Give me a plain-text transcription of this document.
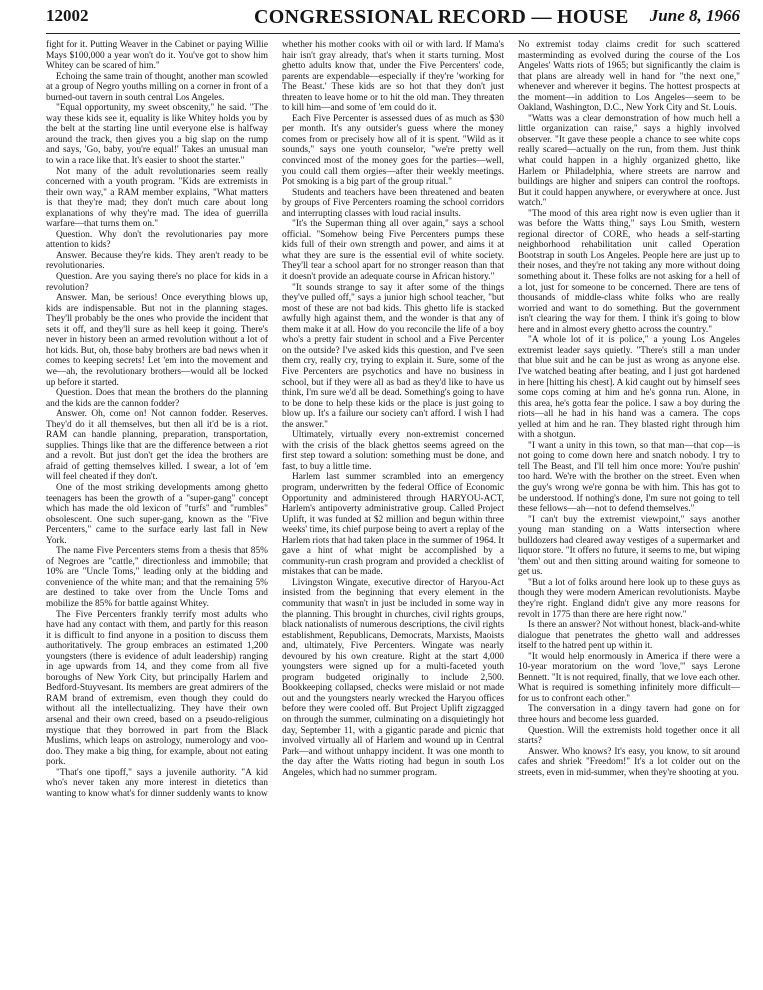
12002	CONGRESSIONAL RECORD — HOUSE June 8, 1966

fight for it. Putting Weaver in the Cabinet or paying Willie Mays $100,000 a year won't do it. You've got to show him Whitey can be scared of him."

Echoing the same train of thought, another man scowled at a group of Negro youths milling on a corner in front of a burned-out tavern in south central Los Angeles.

"Equal opportunity, my sweet obscenity," he said. "The way these kids see it, equality is like Whitey holds you by the belt at the starting line until everyone else is halfway around the track, then gives you a big slap on the rump and says, 'Go, baby, you're equal!' Takes an unusual man to win a race like that. It's easier to shoot the starter."

Not many of the adult revolutionaries seem really concerned with a youth program. "Kids are extremists in their own way," a RAM member explains, "What matters is that they're mad; they don't much care about long explanations of why they're mad. The idea of guerrilla warfare—that turns them on."

Question. Why don't the revolutionaries pay more attention to kids?

Answer. Because they're kids. They aren't ready to be revolutionaries.

Question. Are you saying there's no place for kids in a revolution?

Answer. Man, be serious! Once everything blows up, kids are indispensable. But not in the planning stages. They'll probably be the ones who provide the incident that sets it off, and they'll sure as hell keep it going. There's never in history been an armed revolution without a lot of hot kids. But, oh, those baby brothers are bad news when it comes to keeping secrets! Let 'em into the movement and we—ah, the revolutionary brothers—would all be locked up before it started.

Question. Does that mean the brothers do the planning and the kids are the cannon fodder?

Answer. Oh, come on! Not cannon fodder. Reserves. They'd do it all themselves, but then all it'd be is a riot. RAM can handle planning, preparation, transportation, supplies. Things like that are the difference between a riot and a revolt. But just don't get the idea the brothers are afraid of getting themselves killed. I swear, a lot of 'em will feel cheated if they don't.

One of the most striking developments among ghetto teenagers has been the growth of a "super-gang" concept which has made the old lexicon of "turfs" and "rumbles" obsolescent. One such super-gang, known as the "Five Percenters," came to the surface early last fall in New York.

The name Five Percenters stems from a thesis that 85% of Negroes are "cattle," directionless and immobile; that 10% are "Uncle Toms," leading only at the bidding and convenience of the white man; and that the remaining 5% are destined to take over from the Uncle Toms and mobilize the 85% for battle against Whitey.

The Five Percenters frankly terrify most adults who have had any contact with them, and partly for this reason it is difficult to find anyone in a position to discuss them authoritatively. The group embraces an estimated 1,200 youngsters (there is evidence of adult leadership) ranging in age upwards from 14, and they come from all five boroughs of New York City, but principally Harlem and Bedford-Stuyvesant. Its members are great admirers of the RAM brand of extremism, even though they could do without all the intellectualizing. They have their own arsenal and their own creed, based on a pseudo-religious mystique that they borrowed in part from the Black Muslims, which leaps on astrology, numerology and voo-doo. They make a big thing, for example, about not eating pork.

"That's one tipoff," says a juvenile authority. "A kid who's never taken any more interest in dietetics than wanting to know what's for dinner suddenly wants to know

whether his mother cooks with oil or with lard. If Mama's hair isn't gray already, that's when it starts turning. Most ghetto adults know that, under the Five Percenters' code, parents are expendable—especially if they're 'working for The Beast.' These kids are so hot that they don't just threaten to leave home or to hit the old man. They threaten to kill him—and some of 'em could do it.

Each Five Percenter is assessed dues of as much as $30 per month. It's any outsider's guess where the money comes from or precisely how all of it is spent. "Wild as it sounds," says one youth counselor, "we're pretty well convinced most of the money goes for the parties—well, you could call them orgies—after their weekly meetings. Pot smoking is a big part of the group ritual."

Students and teachers have been threatened and beaten by groups of Five Percenters roaming the school corridors and interrupting classes with loud racial insults.

"It's the Superman thing all over again," says a school official. "Somehow being Five Percenters pumps these kids full of their own strength and power, and aims it at what they are sure is the essential evil of white society. They'll tear a school apart for no stronger reason than that it doesn't provide an adequate course in African history."

"It sounds strange to say it after some of the things they've pulled off," says a junior high school teacher, "but most of these are not bad kids. This ghetto life is stacked awfully high against them, and the wonder is that any of them make it at all. How do you reconcile the life of a boy who's a pretty fair student in school and a Five Percenter on the outside? I've asked kids this question, and I've seen them cry, really cry, trying to explain it. Sure, some of the Five Percenters are psychotics and have no business in school, but if they were all as bad as they'd like to have us think, I'm sure we'd all be dead. Something's going to have to be done to help these kids or the place is just going to blow up. It's a failure our society can't afford. I wish I had the answer."

Ultimately, virtually every non-extremist concerned with the crisis of the black ghettos seems agreed on the first step toward a solution: something must be done, and fast, to buy a little time.

Harlem last summer scrambled into an emergency program, underwritten by the federal Office of Economic Opportunity and administered through HARYOU-ACT, Harlem's antipoverty administrative group. Called Project Uplift, it was funded at $2 million and begun within three weeks' time, its chief purpose being to avert a replay of the Harlem riots that had taken place in the summer of 1964. It gave a hint of what might be accomplished by a community-run crash program and provided a checklist of mistakes that can be made.

Livingston Wingate, executive director of Haryou-Act insisted from the beginning that every element in the community that wasn't in just be included in some way in the planning. This brought in churches, civil rights groups, black nationalists of numerous descriptions, the civil rights establishment, Republicans, Democrats, Marxists, Maoists and, ultimately, Five Percenters. Wingate was nearly devoured by his own creature. Right at the start 4,000 youngsters were signed up for a multi-faceted youth program budgeted originally to include 2,500. Bookkeeping collapsed, checks were mislaid or not made out and the youngsters nearly wrecked the Haryou offices before they were cooled off. But Project Uplift zigzagged on through the summer, culminating on a disquietingly hot day, September 11, with a gigantic parade and picnic that involved virtually all of Harlem and wound up in Central Park—and without unhappy incident. It was one month to the day after the Watts rioting had begun in south Los Angeles, which had no summer program.

No extremist today claims credit for such scattered masterminding as evolved during the course of the Los Angeles' Watts riots of 1965; but significantly the claim is that plans are already well in hand for "the next one," whenever and wherever it begins. The hottest prospects at the moment—in addition to Los Angeles—seem to be Oakland, Washington, D.C., New York City and St. Louis.

"Watts was a clear demonstration of how much hell a little organization can raise," says a highly involved observer. "It gave these people a chance to see white cops really scared—actually on the run, from them. Just think what could happen in a highly organized ghetto, like Harlem or Philadelphia, where streets are narrow and buildings are higher and snipers can control the rooftops. But it could happen anywhere, or everywhere at once. Just watch."

"The mood of this area right now is even uglier than it was before the Watts thing," says Lou Smith, western regional director of CORE, who heads a self-starting neighborhood rehabilitation unit called Operation Bootstrap in south Los Angeles. People here are just up to their noses, and they're not taking any more without doing something about it. These folks are not asking for a hell of a lot, just for someone to be concerned. There are tens of thousands of middle-class white folks who are really worried and want to do something. But the government isn't clearing the way for them. I think it's going to blow here and in almost every ghetto across the country."

"A whole lot of it is police," a young Los Angeles extremist leader says quietly. "There's still a man under that blue suit and he can be just as wrong as anyone else. I've watched beating after beating, and I just got hardened in here [hitting his chest]. A kid caught out by himself sees some cops coming at him and he's gonna run. Alone, in this area, he's gotta fear the police. I saw a boy during the riots—all he had in his hand was a camera. The cops yelled at him and he ran. They blasted right through him with a shotgun.

"I want a unity in this town, so that man—that cop—is not going to come down here and snatch nobody. I try to tell The Beast, and I'll tell him once more: You're pushin' too hard. We're with the brother on the street. Even when the guy's wrong we're gonna be with him. This has got to be understood. If nothing's done, I'm sure not going to tell these fellows—ah—not to defend themselves."

"I can't buy the extremist viewpoint," says another young man standing on a Watts intersection where bulldozers had cleared away vestiges of a supermarket and liquor store. "It offers no future, it seems to me, but wiping 'them' out and then sitting around waiting for someone to get us.

"But a lot of folks around here look up to these guys as though they were modern American revolutionists. Maybe they're right. England didn't give any more reasons for revolt in 1775 than there are here right now."

Is there an answer? Not without honest, black-and-white dialogue that penetrates the ghetto wall and addresses itself to the hatred pent up within it.

"It would help enormously in America if there were a 10-year moratorium on the word 'love,'" says Lerone Bennett. "It is not required, finally, that we love each other. What is required is something infinitely more difficult—for us to confront each other."

The conversation in a dingy tavern had gone on for three hours and become less guarded.

Question. Will the extremists hold together once it all starts?

Answer. Who knows? It's easy, you know, to sit around cafes and shriek "Freedom!" It's a lot colder out on the streets, even in mid-summer, when they're shooting at you.
